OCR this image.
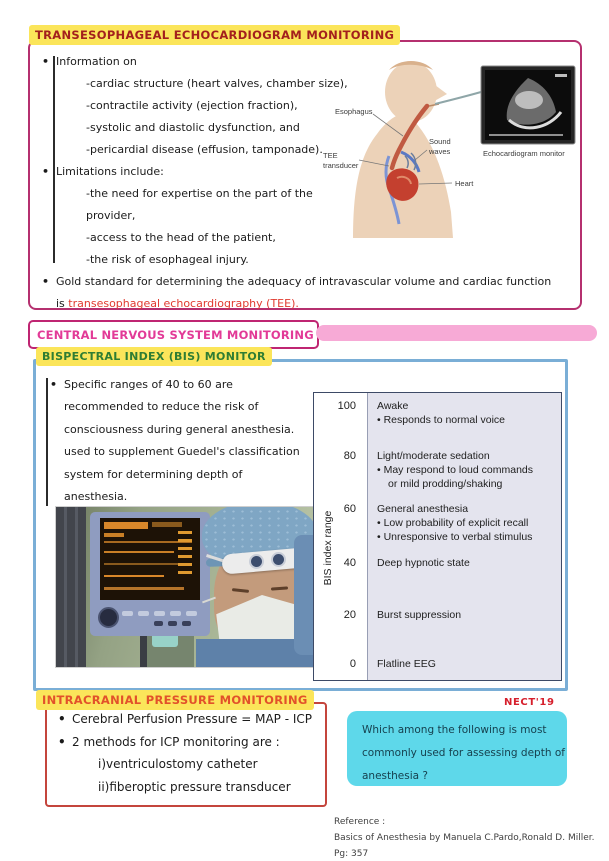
TRANSESOPHAGEAL ECHOCARDIOGRAM MONITORING
• Information on
-cardiac structure (heart valves, chamber size),
-contractile activity (ejection fraction),
-systolic and diastolic dysfunction, and
-pericardial disease (effusion, tamponade).
• Limitations include:
-the need for expertise on the part of the
provider,
-access to the head of the patient,
-the risk of esophageal injury.
• Gold standard for determining the adequacy of intravascular volume and cardiac function
is transesophageal echocardiography (TEE).
Esophagus
TEE
transducer
Sound
waves
Heart
Echocardiogram monitor
CENTRAL NERVOUS SYSTEM MONITORING
BISPECTRAL INDEX (BIS) MONITOR
• Specific ranges of 40 to 60 are
recommended to reduce the risk of
consciousness during general anesthesia.
used to supplement Guedel's classification
system for determining depth of
anesthesia.
BIS index range
100	Awake
• Responds to normal voice
80	Light/moderate sedation
• May respond to loud commands
or mild prodding/shaking
60	General anesthesia
• Low probability of explicit recall
• Unresponsive to verbal stimulus
40	Deep hypnotic state
20	Burst suppression
0	Flatline EEG
INTRACRANIAL PRESSURE MONITORING
• Cerebral Perfusion Pressure = MAP - ICP
• 2 methods for ICP monitoring are :
i)ventriculostomy catheter
ii)fiberoptic pressure transducer
NECT'19
Which among the following is most
commonly used for assessing depth of
anesthesia ?
Reference :
Basics of Anesthesia by Manuela C.Pardo,Ronald D. Miller. Pg: 357
